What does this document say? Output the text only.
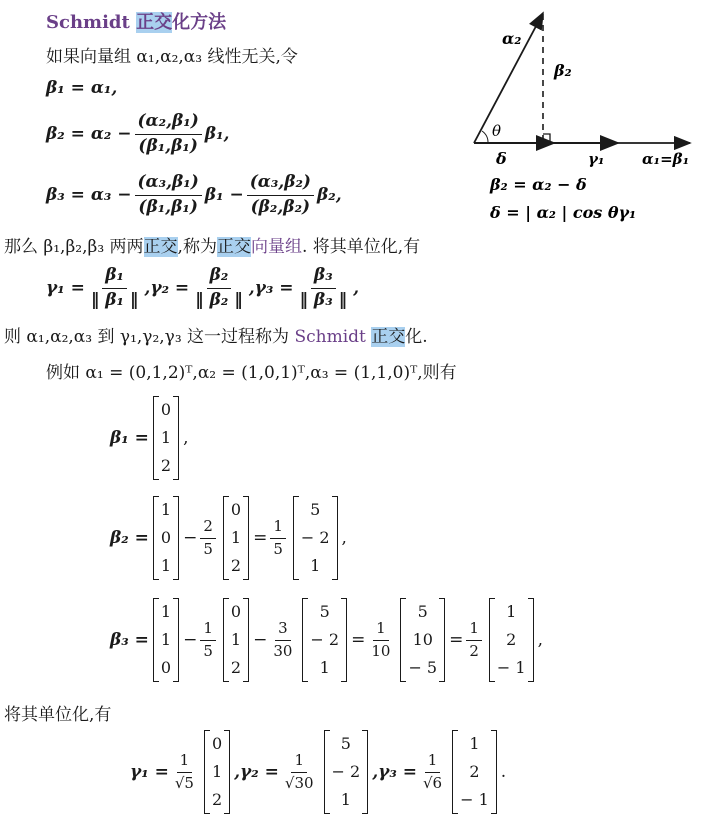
Schmidt 正交化方法
如果向量组 α₁,α₂,α₃ 线性无关,令
β₁ = α₁,
$\beta_2 = \alpha_2 - \frac{\text{(α₂,β₁)}}{\text{(β₁,β₁)}} \beta_1$,
$\beta_3 = \alpha_3 - \frac{\text{(α₃,β₁)}}{\text{(β₁,β₁)}} \beta_1 - \frac{\text{(α₃,β₂)}}{\text{(β₂,β₂)}} \beta_2$,
α₂
β₂
θ
δ	γ₁	α₁=β₁
β₂ = α₂ − δ
δ = | α₂ | cos θγ₁
那么 β₁,β₂,β₃ 两两正交,称为正交向量组. 将其单位化,有
$\gamma_1 = \frac{\text{β₁}}{\text{‖ β₁ ‖}} ,\gamma_2 = \frac{\text{β₂}}{\text{‖ β₂ ‖}} ,\gamma_3 = \frac{\text{β₃}}{\text{‖ β₃ ‖}}$ ,
则 α₁,α₂,α₃ 到 γ₁,γ₂,γ₃ 这一过程称为 Schmidt 正交化.
例如 α₁ = (0,1,2)ᵀ,α₂ = (1,0,1)ᵀ,α₃ = (1,1,0)ᵀ,则有
β₁ =
0
1
2
,
β₂ =
1
0
1
− $\frac{2}{5}$
0
1
2
= $\frac{1}{5}$
5
− 2
1
,
β₃ =
1
1
0
− $\frac{1}{5}$
0
1
2
− $\frac{3}{30}$
5
− 2
1
= $\frac{1}{10}$
5
10
− 5
= $\frac{1}{2}$
1
2
− 1
,
将其单位化,有
$\gamma_1 = \frac{1}{√5}$
0
1
2
$,\gamma_2 = \frac{1}{√30}$
5
− 2
1
$,\gamma_3 = \frac{1}{√6}$
1
2
− 1
.
